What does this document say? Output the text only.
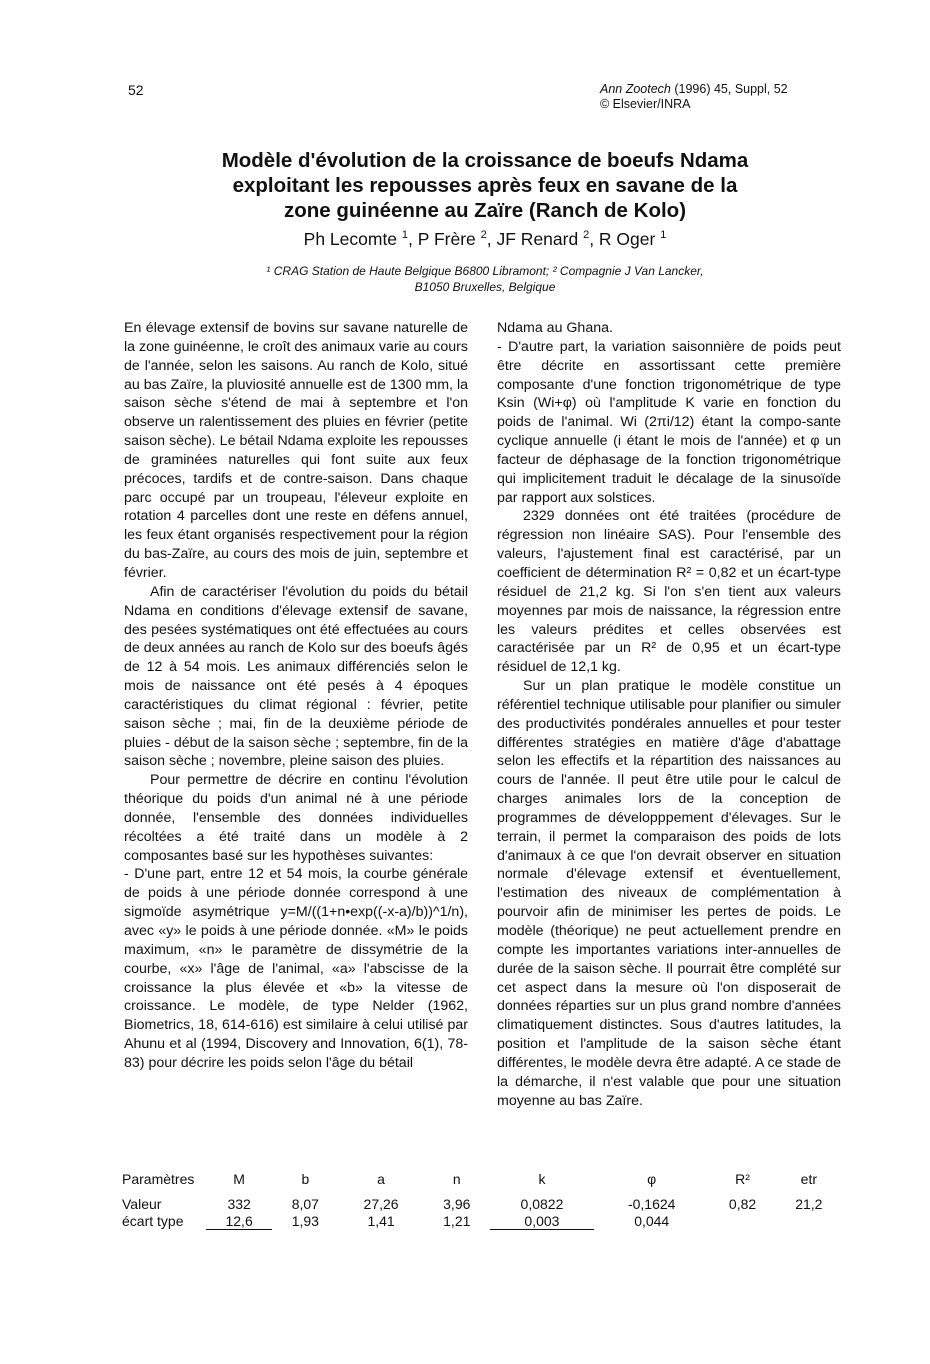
52	Ann Zootech (1996) 45, Suppl, 52
© Elsevier/INRA
Modèle d'évolution de la croissance de boeufs Ndama
exploitant les repousses après feux en savane de la
zone guinéenne au Zaïre (Ranch de Kolo)
Ph Lecomte $^1$, P Frère $^2$, JF Renard $^2$, R Oger $^1$
¹ CRAG Station de Haute Belgique B6800 Libramont; ² Compagnie J Van Lancker,
B1050 Bruxelles, Belgique

En élevage extensif de bovins sur savane naturelle de la zone guinéenne, le croît des animaux varie au cours de l'année, selon les saisons. Au ranch de Kolo, situé au bas Zaïre, la pluviosité annuelle est de 1300 mm, la saison sèche s'étend de mai à septembre et l'on observe un ralentissement des pluies en février (petite saison sèche). Le bétail Ndama exploite les repousses de graminées naturelles qui font suite aux feux précoces, tardifs et de contre-saison. Dans chaque parc occupé par un troupeau, l'éleveur exploite en rotation 4 parcelles dont une reste en défens annuel, les feux étant organisés respectivement pour la région du bas-Zaïre, au cours des mois de juin, septembre et février.

Afin de caractériser l'évolution du poids du bétail Ndama en conditions d'élevage extensif de savane, des pesées systématiques ont été effectuées au cours de deux années au ranch de Kolo sur des boeufs âgés de 12 à 54 mois. Les animaux différenciés selon le mois de naissance ont été pesés à 4 époques caractéristiques du climat régional : février, petite saison sèche ; mai, fin de la deuxième période de pluies - début de la saison sèche ; septembre, fin de la saison sèche ; novembre, pleine saison des pluies.

Pour permettre de décrire en continu l'évolution théorique du poids d'un animal né à une période donnée, l'ensemble des données individuelles récoltées a été traité dans un modèle à 2 composantes basé sur les hypothèses suivantes:

- D'une part, entre 12 et 54 mois, la courbe générale de poids à une période donnée correspond à une sigmoïde asymétrique y=M/((1+n•exp((-x-a)/b))^1/n), avec «y» le poids à une période donnée. «M» le poids maximum, «n» le paramètre de dissymétrie de la courbe, «x» l'âge de l'animal, «a» l'abscisse de la croissance la plus élevée et «b» la vitesse de croissance. Le modèle, de type Nelder (1962, Biometrics, 18, 614-616) est similaire à celui utilisé par Ahunu et al (1994, Discovery and Innovation, 6(1), 78-83) pour décrire les poids selon l'âge du bétail

Ndama au Ghana.

- D'autre part, la variation saisonnière de poids peut être décrite en assortissant cette première composante d'une fonction trigonométrique de type Ksin (Wi+φ) où l'amplitude K varie en fonction du poids de l'animal. Wi (2πi/12) étant la compo-sante cyclique annuelle (i étant le mois de l'année) et φ un facteur de déphasage de la fonction trigonométrique qui implicitement traduit le décalage de la sinusoïde par rapport aux solstices.

2329 données ont été traitées (procédure de régression non linéaire SAS). Pour l'ensemble des valeurs, l'ajustement final est caractérisé, par un coefficient de détermination R² = 0,82 et un écart-type résiduel de 21,2 kg. Si l'on s'en tient aux valeurs moyennes par mois de naissance, la régression entre les valeurs prédites et celles observées est caractérisée par un R² de 0,95 et un écart-type résiduel de 12,1 kg.

Sur un plan pratique le modèle constitue un référentiel technique utilisable pour planifier ou simuler des productivités pondérales annuelles et pour tester différentes stratégies en matière d'âge d'abattage selon les effectifs et la répartition des naissances au cours de l'année. Il peut être utile pour le calcul de charges animales lors de la conception de programmes de développpement d'élevages. Sur le terrain, il permet la comparaison des poids de lots d'animaux à ce que l'on devrait observer en situation normale d'élevage extensif et éventuellement, l'estimation des niveaux de complémentation à pourvoir afin de minimiser les pertes de poids. Le modèle (théorique) ne peut actuellement prendre en compte les importantes variations inter-annuelles de durée de la saison sèche. Il pourrait être complété sur cet aspect dans la mesure où l'on disposerait de données réparties sur un plus grand nombre d'années climatiquement distinctes. Sous d'autres latitudes, la position et l'amplitude de la saison sèche étant différentes, le modèle devra être adapté. A ce stade de la démarche, il n'est valable que pour une situation moyenne au bas Zaïre.

Paramètres	M	b	a	n	k	φ	R²	etr

Valeur	332	8,07	27,26	3,96	0,0822	-0,1624	0,82	21,2
écart type	12,6	1,93	1,41	1,21	0,003	0,044		
